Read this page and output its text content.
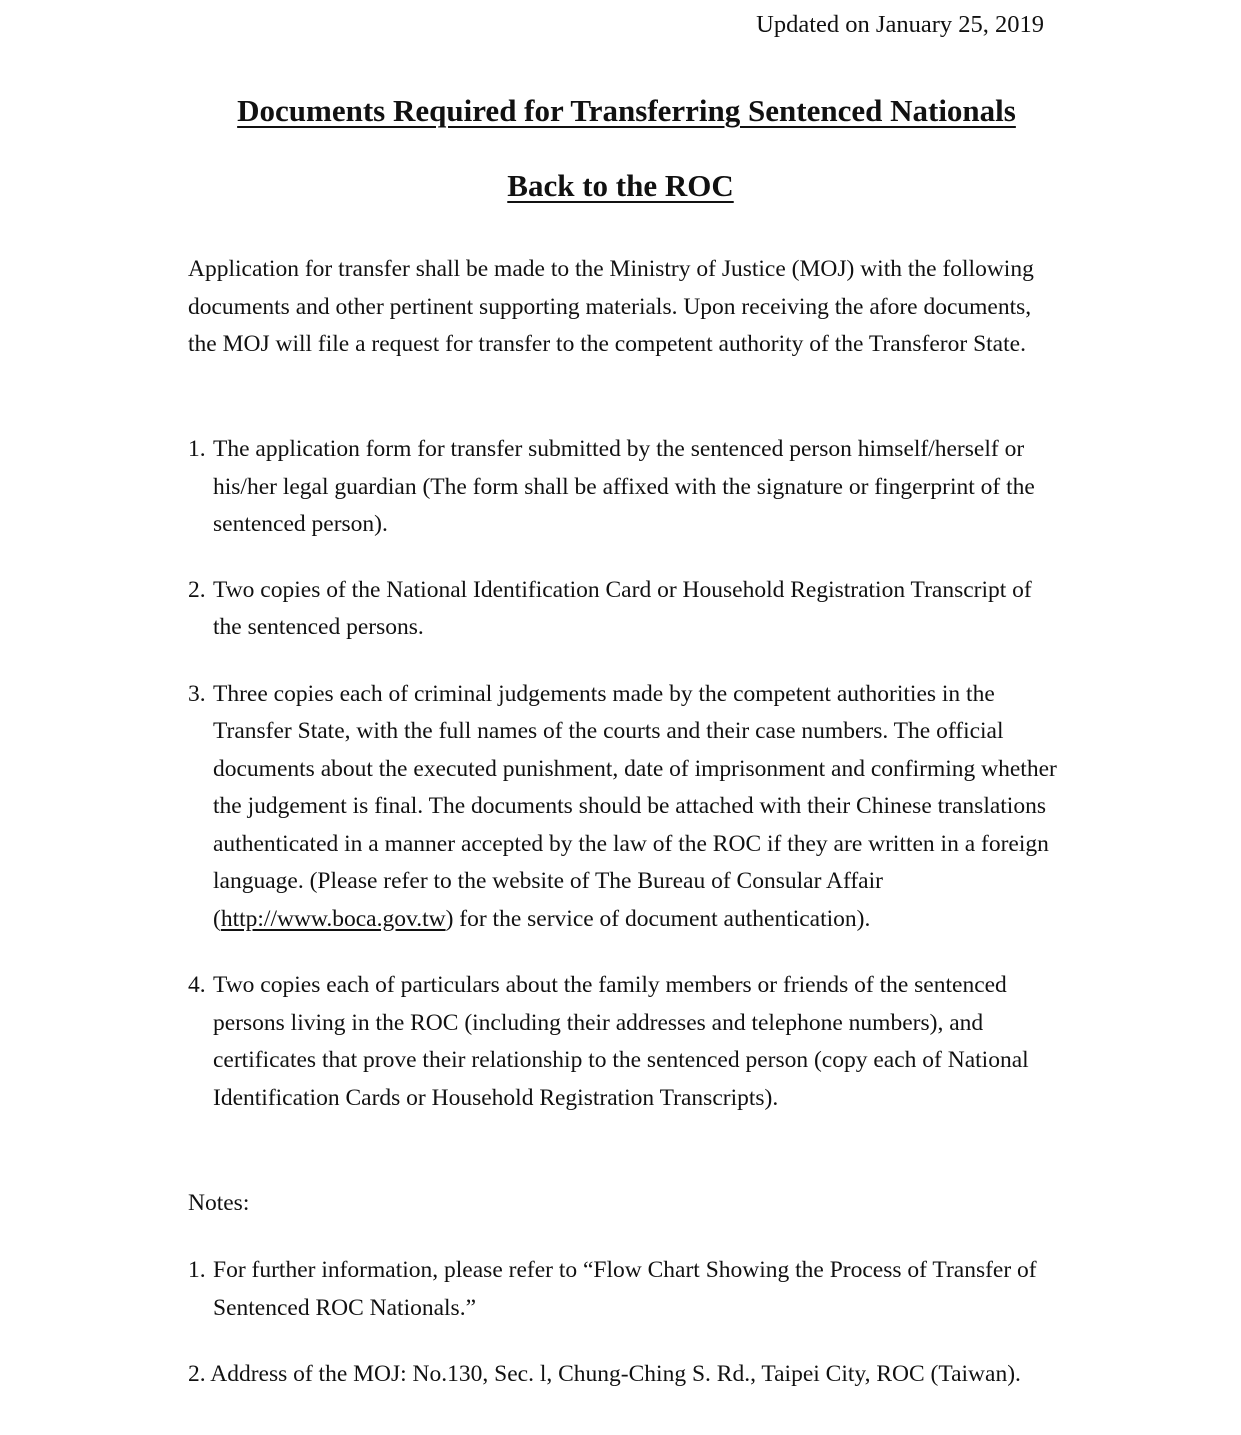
Updated on January 25, 2019
Documents Required for Transferring Sentenced Nationals
Back to the ROC
Application for transfer shall be made to the Ministry of Justice (MOJ) with the following documents and other pertinent supporting materials. Upon receiving the afore documents, the MOJ will file a request for transfer to the competent authority of the Transferor State.
1. The application form for transfer submitted by the sentenced person himself/herself or his/her legal guardian (The form shall be affixed with the signature or fingerprint of the sentenced person).
2. Two copies of the National Identification Card or Household Registration Transcript of the sentenced persons.
3. Three copies each of criminal judgements made by the competent authorities in the Transfer State, with the full names of the courts and their case numbers. The official documents about the executed punishment, date of imprisonment and confirming whether the judgement is final. The documents should be attached with their Chinese translations authenticated in a manner accepted by the law of the ROC if they are written in a foreign language. (Please refer to the website of The Bureau of Consular Affair (http://www.boca.gov.tw) for the service of document authentication).
4. Two copies each of particulars about the family members or friends of the sentenced persons living in the ROC (including their addresses and telephone numbers), and certificates that prove their relationship to the sentenced person (copy each of National Identification Cards or Household Registration Transcripts).
Notes:
1. For further information, please refer to “Flow Chart Showing the Process of Transfer of Sentenced ROC Nationals.”
2. Address of the MOJ: No.130, Sec. l, Chung-Ching S. Rd., Taipei City, ROC (Taiwan).
